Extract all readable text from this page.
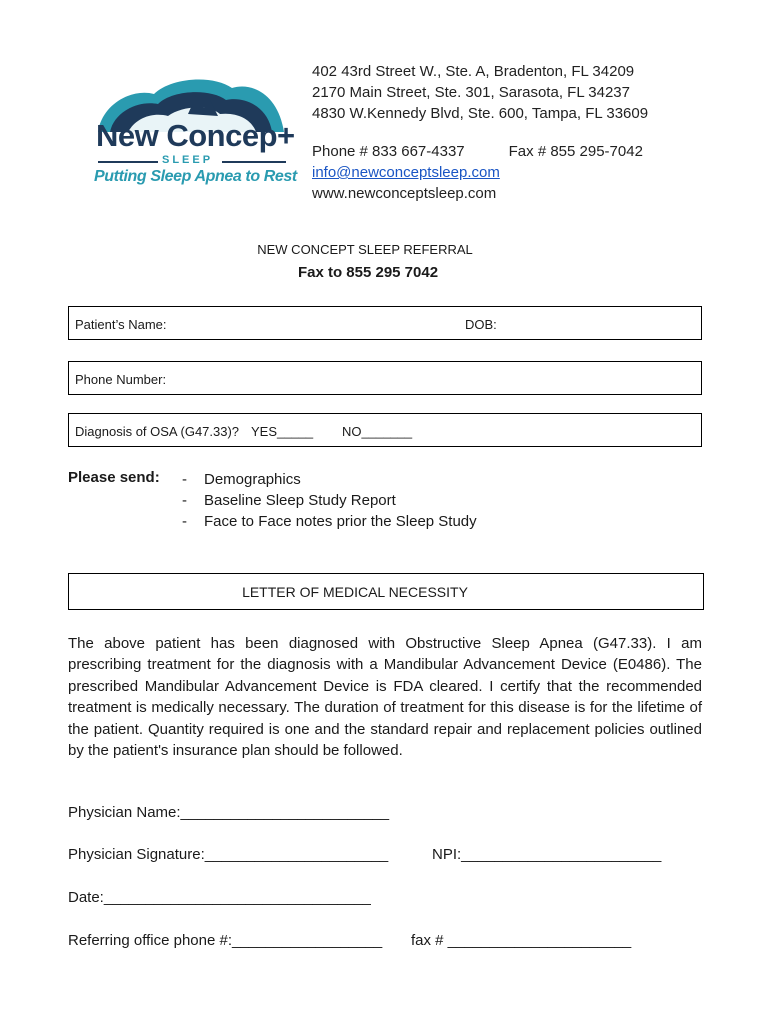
New Concep+
SLEEP
Putting Sleep Apnea to Rest
402 43rd Street W., Ste. A, Bradenton, FL 34209
2170 Main Street, Ste. 301, Sarasota, FL 34237
4830 W.Kennedy Blvd, Ste. 600, Tampa, FL 33609
Phone # 833 667-4337	Fax # 855 295-7042
info@newconceptsleep.com
www.newconceptsleep.com
NEW CONCEPT SLEEP REFERRAL
Fax to 855 295 7042
Patient’s Name:	DOB:
Phone Number:
Diagnosis of OSA (G47.33)? YES_____ NO_______
Please send: - Demographics
- Baseline Sleep Study Report
- Face to Face notes prior the Sleep Study
LETTER OF MEDICAL NECESSITY
The above patient has been diagnosed with Obstructive Sleep Apnea (G47.33). I am prescribing treatment for the diagnosis with a Mandibular Advancement Device (E0486). The prescribed Mandibular Advancement Device is FDA cleared. I certify that the recommended treatment is medically necessary. The duration of treatment for this disease is for the lifetime of the patient. Quantity required is one and the standard repair and replacement policies outlined by the patient's insurance plan should be followed.
Physician Name:_________________________
Physician Signature:______________________	NPI:________________________
Date:________________________________
Referring office phone #:__________________ fax # ______________________
